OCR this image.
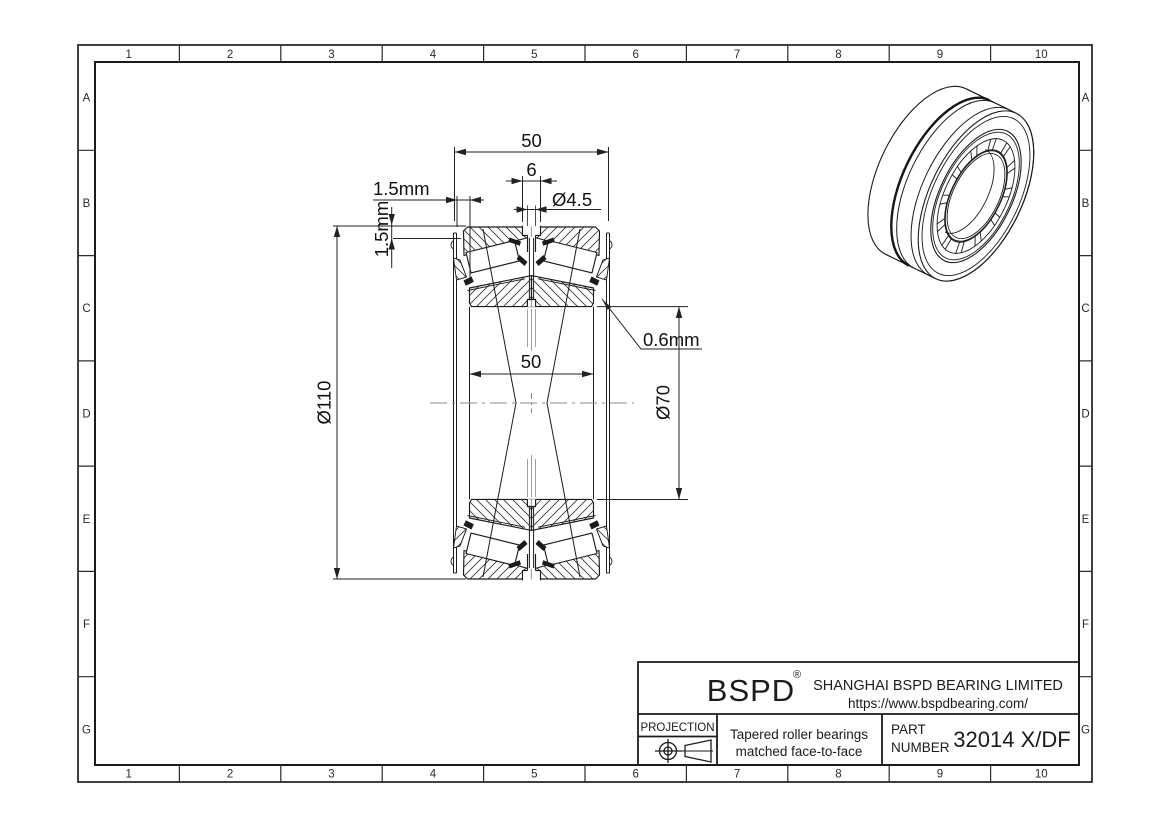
1	2	3	4	5	6	7	8	9	10
1	2	3	4	5	6	7	8	9	10
A
B
C
D
E
F
G
A
B
C
D
E
F
G
50
6
Ø4.5
1.5mm
1.5mm
Ø110
50
Ø70
0.6mm
BSPD
®
SHANGHAI BSPD BEARING LIMITED
https://www.bspdbearing.com/
PROJECTION Tapered roller bearings
matched face-to-face
PART
NUMBER 32014 X/DF
